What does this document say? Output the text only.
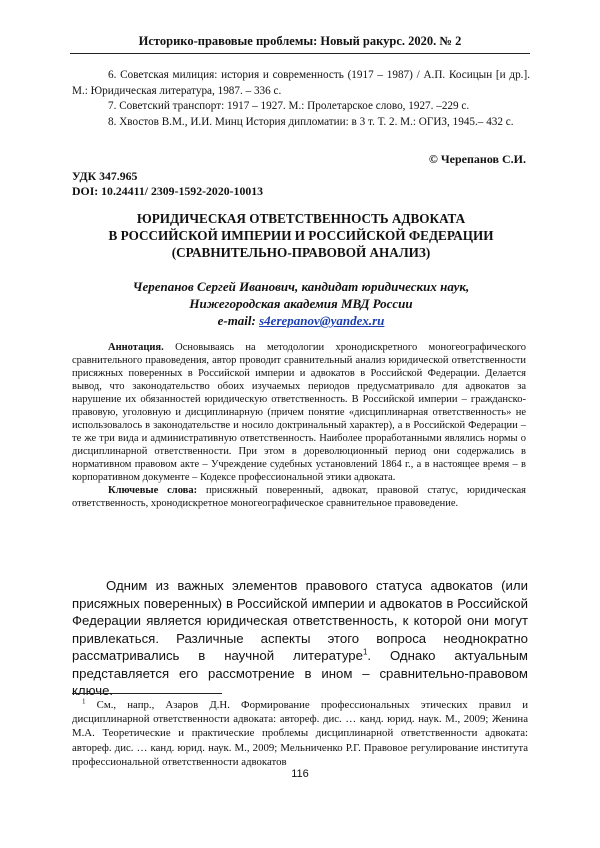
Историко-правовые проблемы: Новый ракурс. 2020. № 2

6. Советская милиция: история и современность (1917 – 1987) / А.П. Косицын [и др.]. М.: Юридическая литература, 1987. – 336 с.

7. Советский транспорт: 1917 – 1927. М.: Пролетарское слово, 1927. –229 с.

8. Хвостов В.М., И.И. Минц История дипломатии: в 3 т. Т. 2. М.: ОГИЗ, 1945.– 432 с.

© Черепанов С.И.
УДК 347.965
DOI: 10.24411/ 2309-1592-2020-10013
ЮРИДИЧЕСКАЯ ОТВЕТСТВЕННОСТЬ АДВОКАТА
В РОССИЙСКОЙ ИМПЕРИИ И РОССИЙСКОЙ ФЕДЕРАЦИИ
(СРАВНИТЕЛЬНО-ПРАВОВОЙ АНАЛИЗ)
Черепанов Сергей Иванович, кандидат юридических наук,
Нижегородская академия МВД России
e-mail: s4erepanov@yandex.ru

Аннотация. Основываясь на методологии хронодискретного моногеографического сравнительного правоведения, автор проводит сравнительный анализ юридической ответственности присяжных поверенных в Российской империи и адвокатов в Российской Федерации. Делается вывод, что законодательство обоих изучаемых периодов предусматривало для адвокатов за нарушение их обязанностей юридическую ответственность. В Российской империи – гражданско-правовую, уголовную и дисциплинарную (причем понятие «дисциплинарная ответственность» не использовалось в законодательстве и носило доктринальный характер), а в Российской Федерации – те же три вида и административную ответственность. Наиболее проработанными являлись нормы о дисциплинарной ответственности. При этом в дореволюционный период они содержались в нормативном правовом акте – Учреждение судебных установлений 1864 г., а в настоящее время – в корпоративном документе – Кодексе профессиональной этики адвоката.

Ключевые слова: присяжный поверенный, адвокат, правовой статус, юридическая ответственность, хронодискретное моногеографическое сравнительное правоведение.

Одним из важных элементов правового статуса адвокатов (или присяжных поверенных) в Российской империи и адвокатов в Российской Федерации является юридическая ответственность, к которой они могут привлекаться. Различные аспекты этого вопроса неоднократно рассматривались в научной литературе$^1$. Однако актуальным представляется его рассмотрение в ином – сравнительно-правовом ключе.

$^1$ См., напр., Азаров Д.Н. Формирование профессиональных этических правил и дисциплинарной ответственности адвоката: автореф. дис. … канд. юрид. наук. М., 2009; Женина М.А. Теоретические и практические проблемы дисциплинарной ответственности адвоката: автореф. дис. … канд. юрид. наук. М., 2009; Мельниченко Р.Г. Правовое регулирование института профессиональной ответственности адвокатов

116
